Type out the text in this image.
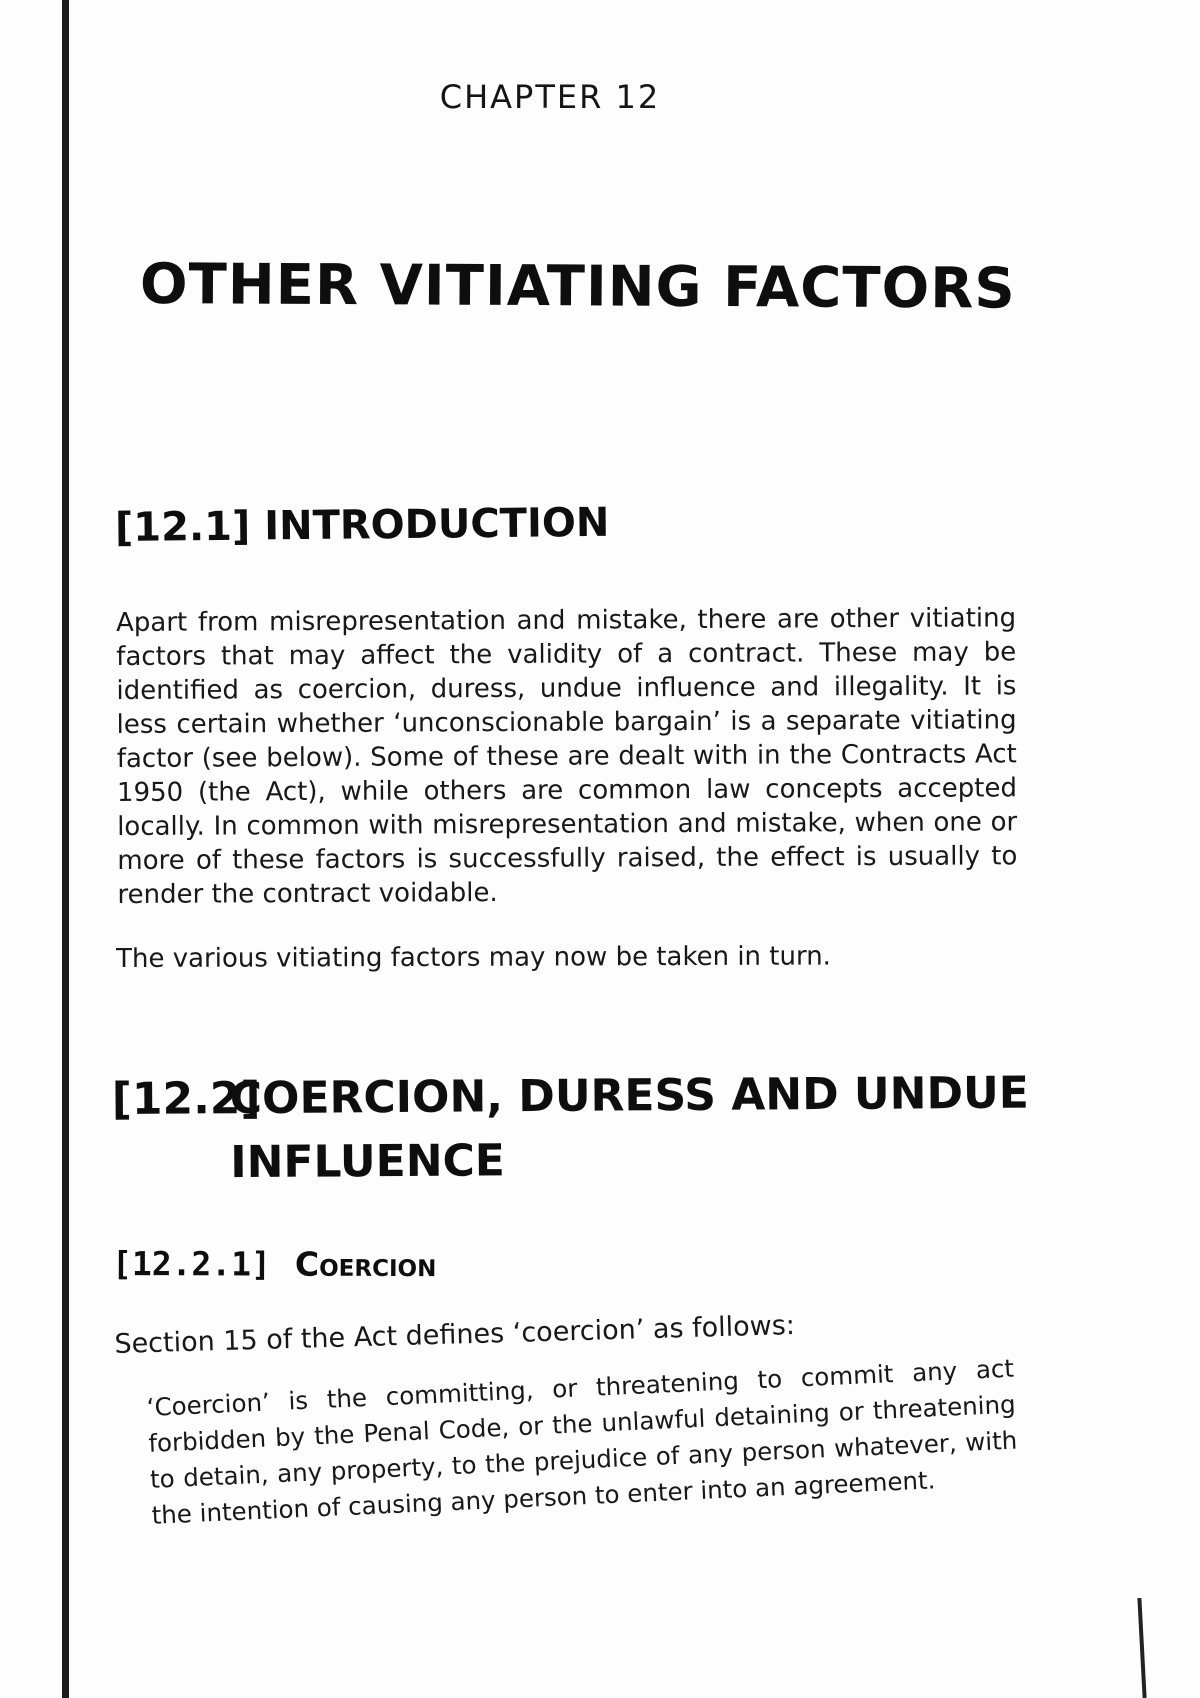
CHAPTER 12
OTHER VITIATING FACTORS
[12.1] INTRODUCTION
Apart from misrepresentation and mistake, there are other vitiating factors that may affect the validity of a contract. These may be identified as coercion, duress, undue influence and illegality. It is less certain whether ‘unconscionable bargain’ is a separate vitiating factor (see below). Some of these are dealt with in the Contracts Act 1950 (the Act), while others are common law concepts accepted locally. In common with misrepresentation and mistake, when one or more of these factors is successfully raised, the effect is usually to render the contract voidable.
The various vitiating factors may now be taken in turn.
[12.2]COERCION, DURESS AND UNDUE
INFLUENCE
[12.2.1] Coercion
Section 15 of the Act defines ‘coercion’ as follows:
‘Coercion’ is the committing, or threatening to commit any act forbidden by the Penal Code, or the unlawful detaining or threatening to detain, any property, to the prejudice of any person whatever, with the intention of causing any person to enter into an agreement.
